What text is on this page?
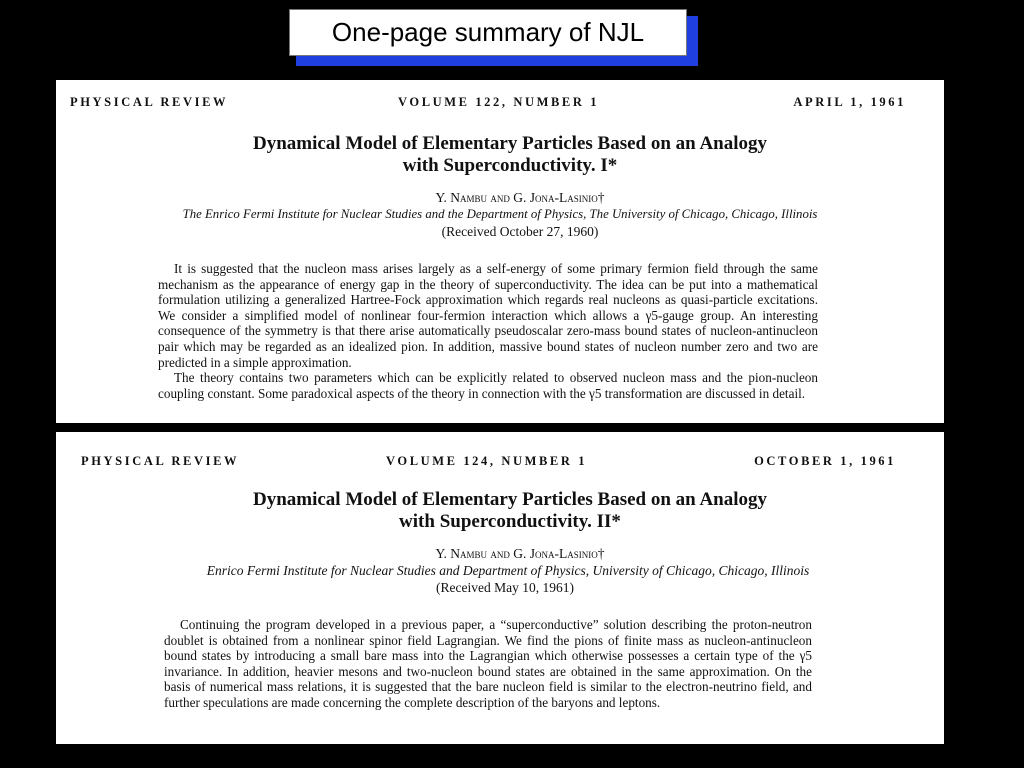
One-page summary of NJL
PHYSICAL REVIEW	VOLUME 122, NUMBER 1	APRIL 1, 1961
Dynamical Model of Elementary Particles Based on an Analogy
with Superconductivity. I*
Y. Nambu and G. Jona-Lasinio†
The Enrico Fermi Institute for Nuclear Studies and the Department of Physics, The University of Chicago, Chicago, Illinois
(Received October 27, 1960)

It is suggested that the nucleon mass arises largely as a self-energy of some primary fermion field through the same mechanism as the appearance of energy gap in the theory of superconductivity. The idea can be put into a mathematical formulation utilizing a generalized Hartree-Fock approximation which regards real nucleons as quasi-particle excitations. We consider a simplified model of nonlinear four-fermion interaction which allows a γ5-gauge group. An interesting consequence of the symmetry is that there arise automatically pseudoscalar zero-mass bound states of nucleon-antinucleon pair which may be regarded as an idealized pion. In addition, massive bound states of nucleon number zero and two are predicted in a simple approximation.

The theory contains two parameters which can be explicitly related to observed nucleon mass and the pion-nucleon coupling constant. Some paradoxical aspects of the theory in connection with the γ5 transformation are discussed in detail.

PHYSICAL REVIEW	VOLUME 124, NUMBER 1	OCTOBER 1, 1961
Dynamical Model of Elementary Particles Based on an Analogy
with Superconductivity. II*
Y. Nambu and G. Jona-Lasinio†
Enrico Fermi Institute for Nuclear Studies and Department of Physics, University of Chicago, Chicago, Illinois
(Received May 10, 1961)

Continuing the program developed in a previous paper, a “superconductive” solution describing the proton-neutron doublet is obtained from a nonlinear spinor field Lagrangian. We find the pions of finite mass as nucleon-antinucleon bound states by introducing a small bare mass into the Lagrangian which otherwise possesses a certain type of the γ5 invariance. In addition, heavier mesons and two-nucleon bound states are obtained in the same approximation. On the basis of numerical mass relations, it is suggested that the bare nucleon field is similar to the electron-neutrino field, and further speculations are made concerning the complete description of the baryons and leptons.
